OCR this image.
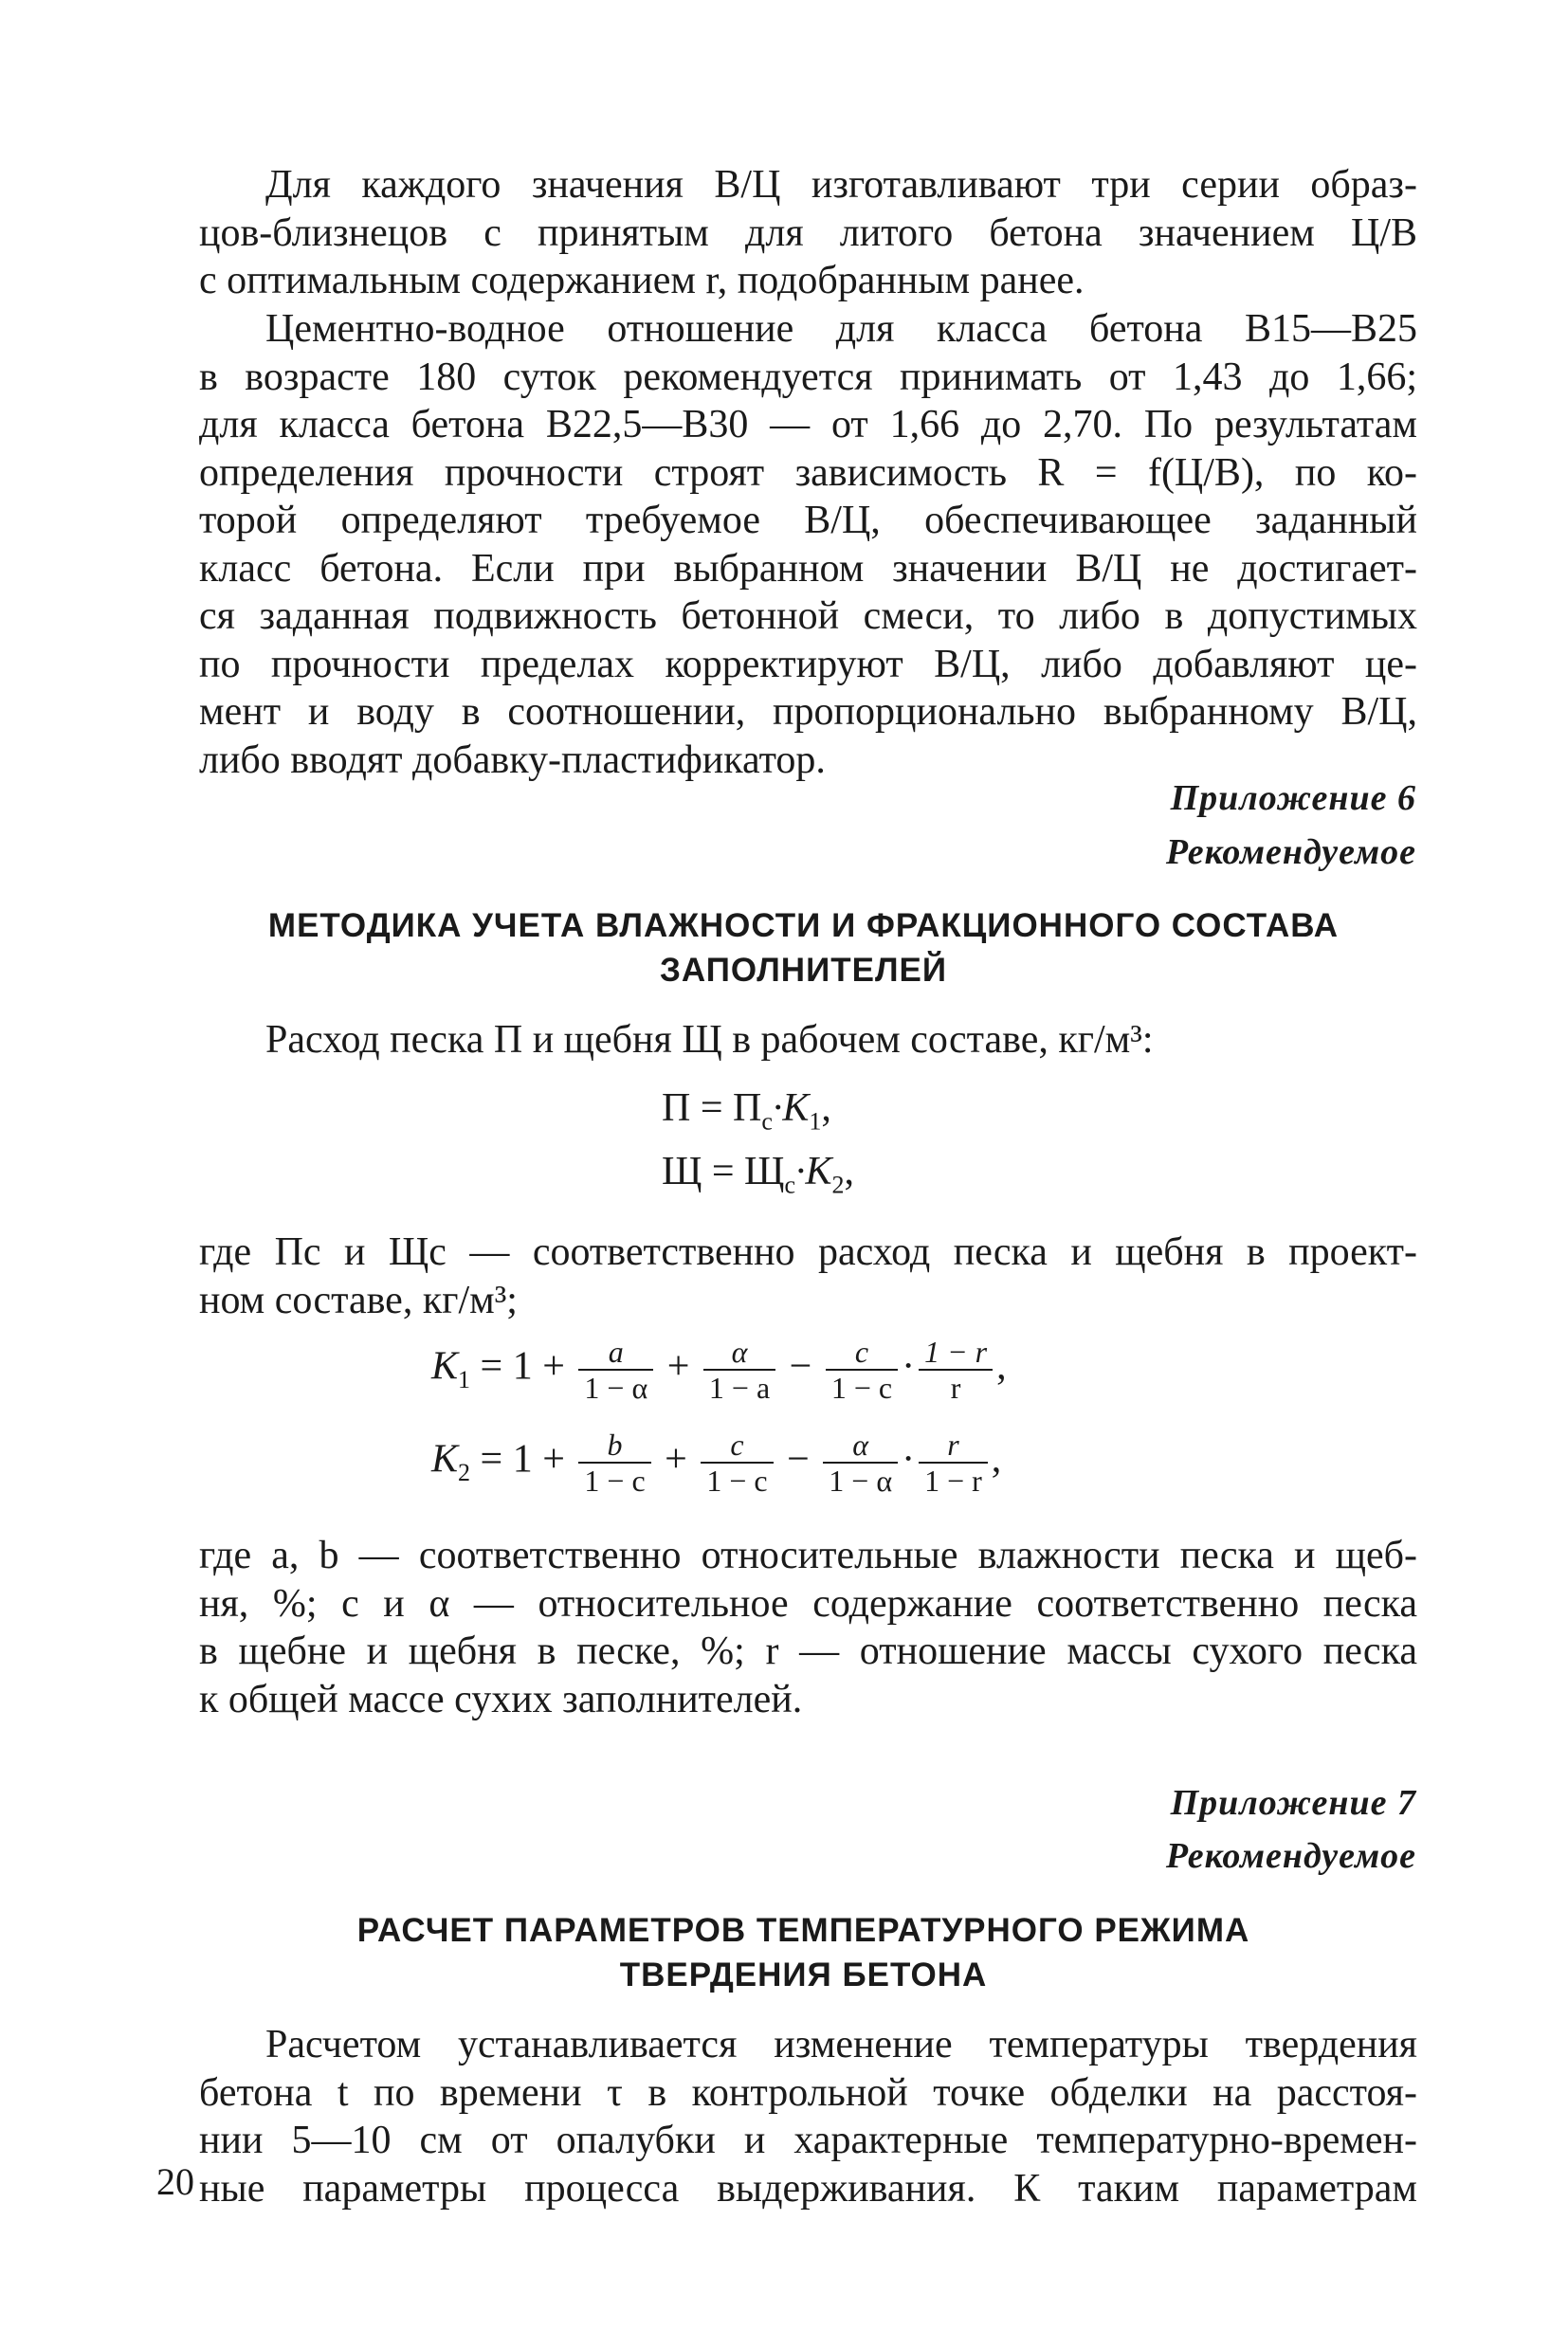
Для каждого значения В/Ц изготавливают три серии образ-
цов-близнецов с принятым для литого бетона значением Ц/В
с оптимальным содержанием r, подобранным ранее.
Цементно-водное отношение для класса бетона В15—В25
в возрасте 180 суток рекомендуется принимать от 1,43 до 1,66;
для класса бетона В22,5—В30 — от 1,66 до 2,70. По результатам
определения прочности строят зависимость R = f(Ц/В), по ко-
торой определяют требуемое В/Ц, обеспечивающее заданный
класс бетона. Если при выбранном значении В/Ц не достигает-
ся заданная подвижность бетонной смеси, то либо в допустимых
по прочности пределах корректируют В/Ц, либо добавляют це-
мент и воду в соотношении, пропорционально выбранному В/Ц,
либо вводят добавку-пластификатор.

Приложение 6

Рекомендуемое

МЕТОДИКА УЧЕТА ВЛАЖНОСТИ И ФРАКЦИОННОГО СОСТАВА
ЗАПОЛНИТЕЛЕЙ
Расход песка П и щебня Щ в рабочем составе, кг/м³:

$П = П_с\cdot K_1$,

$Щ = Щ_с\cdot K_2$,

где Пс и Щс — соответственно расход песка и щебня в проект-
ном составе, кг/м³;

$K_1 = 1 + \frac{a}{1 - \alpha} + \frac{\alpha}{1 - a} - \frac{c}{1 - c} \cdot \frac{1 - r}{r}$ ,

$K_2 = 1 + \frac{b}{1 - c} + \frac{c}{1 - c} - \frac{\alpha}{1 - \alpha} \cdot \frac{r}{1 - r}$ ,

где a, b — соответственно относительные влажности песка и щеб-
ня, %; c и α — относительное содержание соответственно песка
в щебне и щебня в песке, %; r — отношение массы сухого песка
к общей массе сухих заполнителей.

Приложение 7

Рекомендуемое

РАСЧЕТ ПАРАМЕТРОВ ТЕМПЕРАТУРНОГО РЕЖИМА
ТВЕРДЕНИЯ БЕТОНА
Расчетом устанавливается изменение температуры твердения
бетона t по времени τ в контрольной точке обделки на расстоя-
нии 5—10 см от опалубки и характерные температурно-времен-
ные параметры процесса выдерживания. К таким параметрам

20
